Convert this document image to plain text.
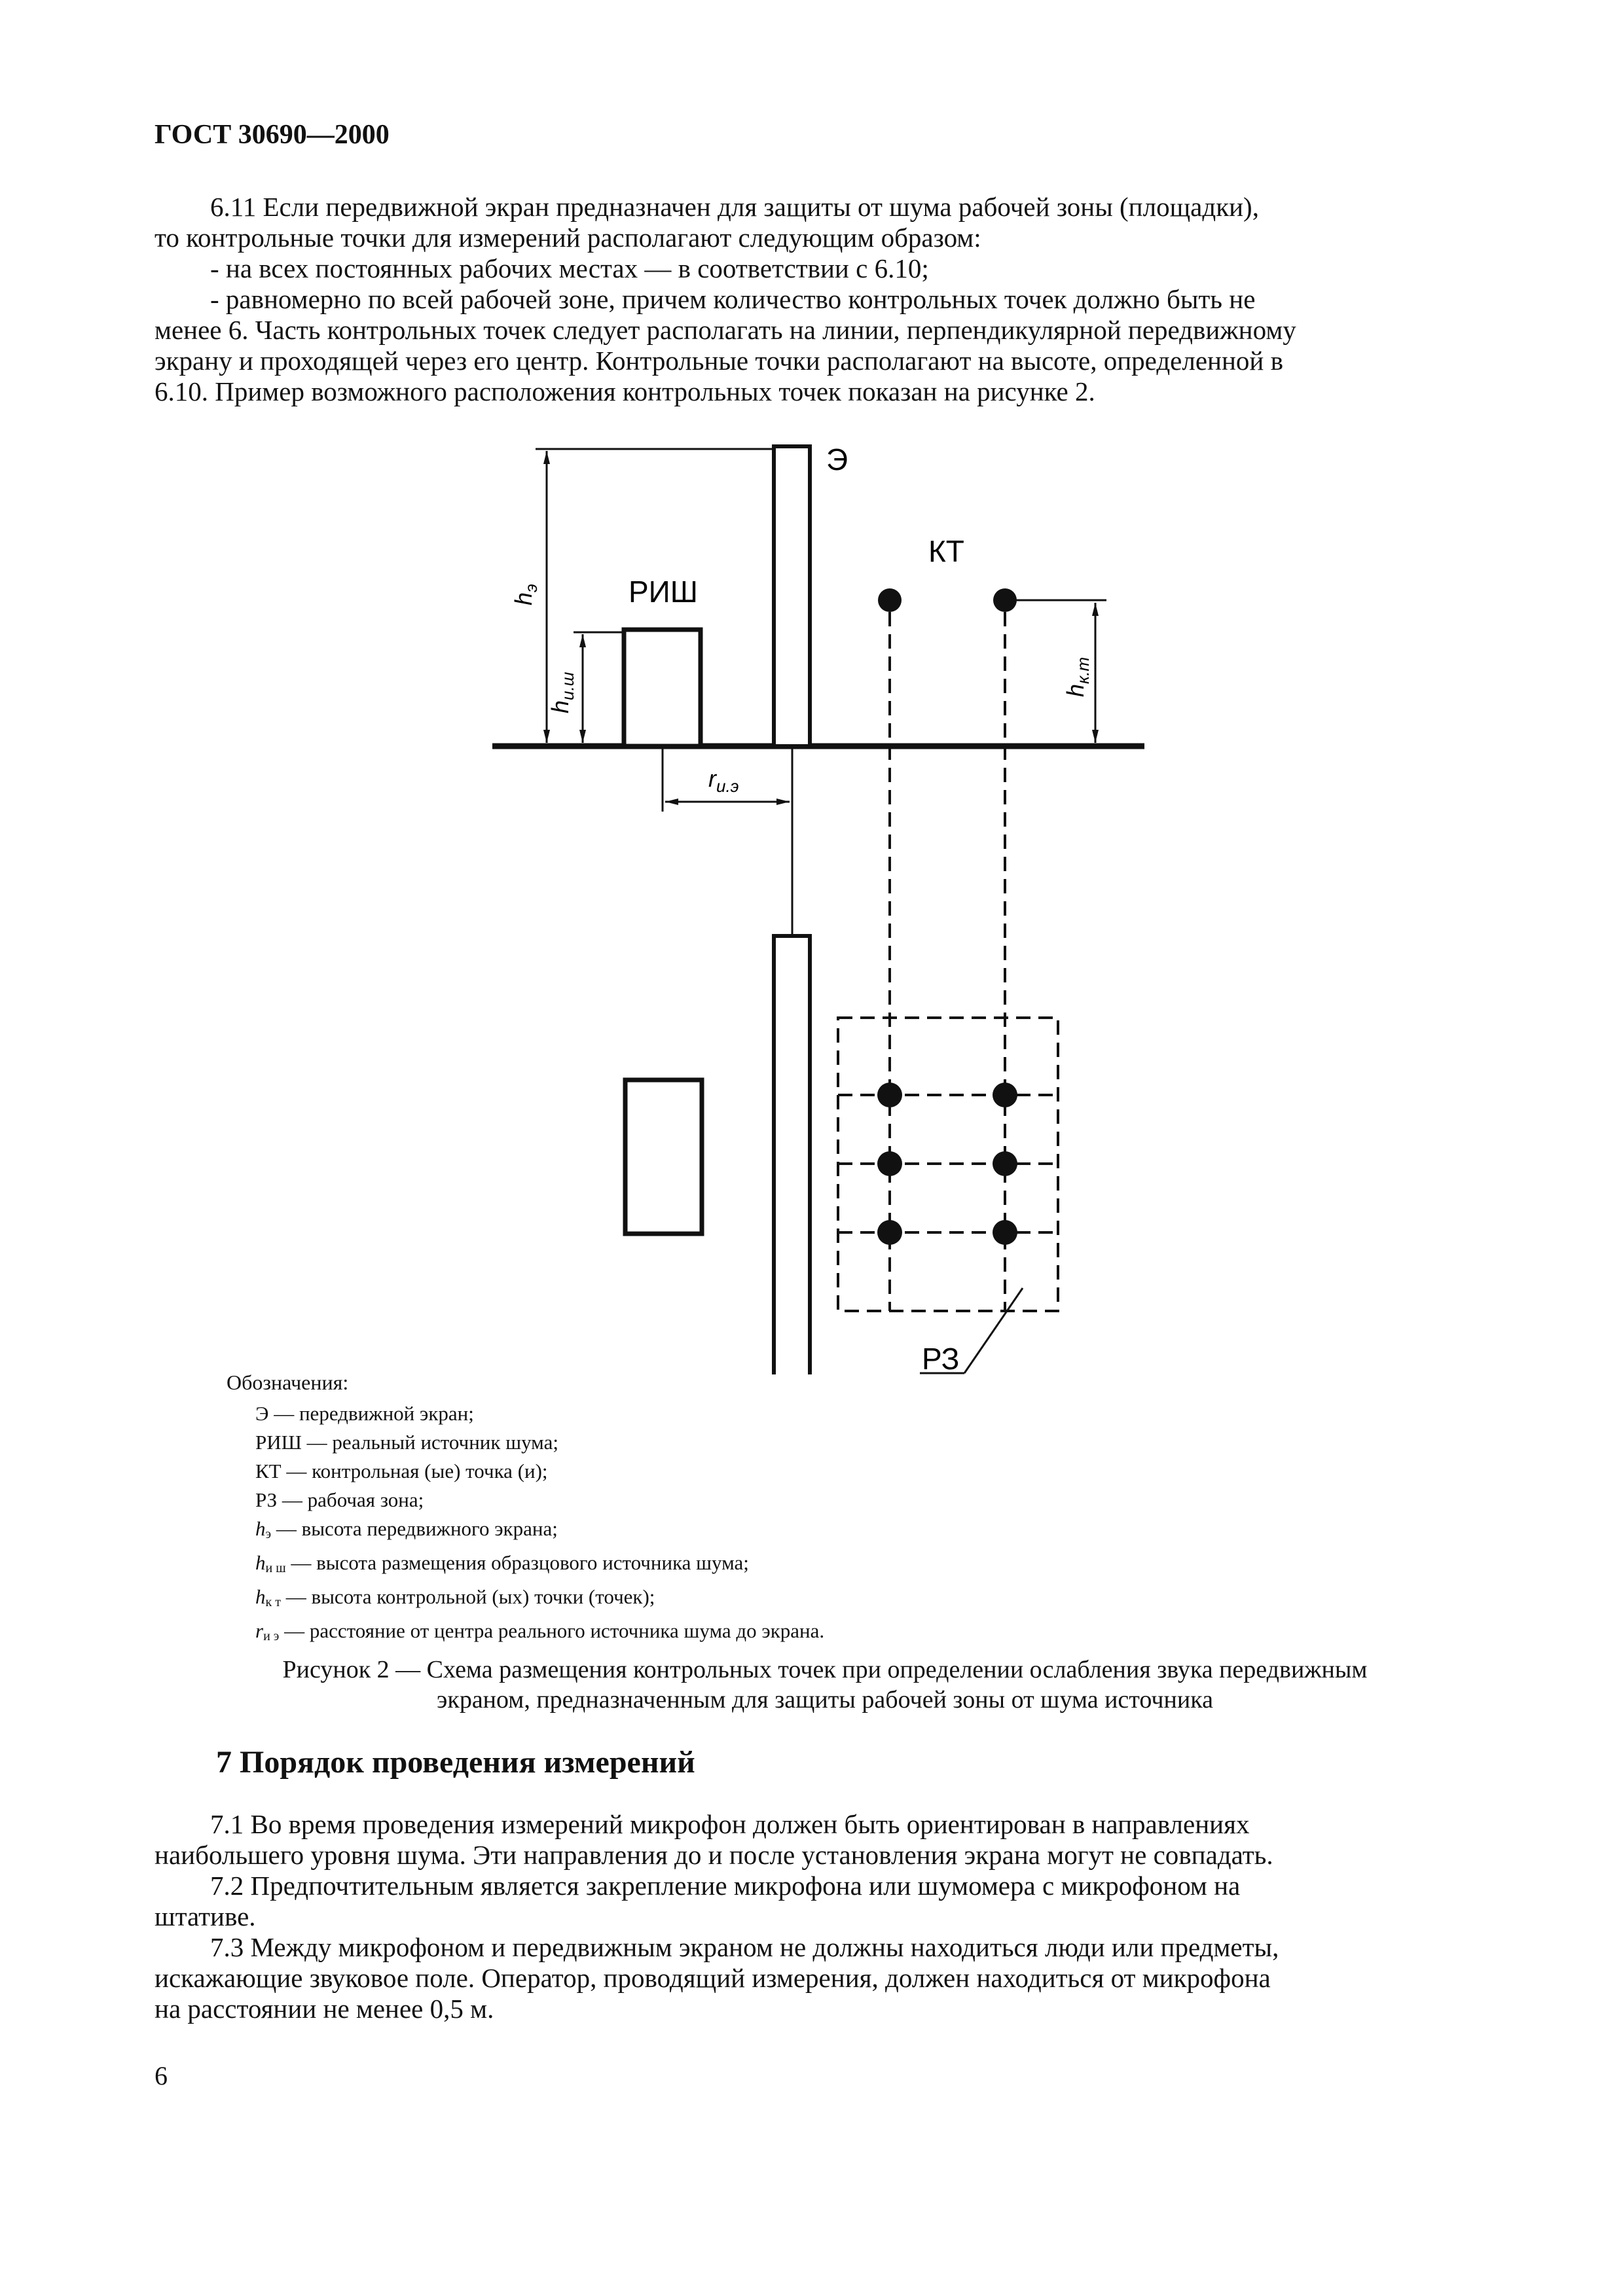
ГОСТ 30690—2000
6.11 Если передвижной экран предназначен для защиты от шума рабочей зоны (площадки),
то контрольные точки для измерений располагают следующим образом:
- на всех постоянных рабочих местах — в соответствии с 6.10;
- равномерно по всей рабочей зоне, причем количество контрольных точек должно быть не
менее 6. Часть контрольных точек следует располагать на линии, перпендикулярной передвижному
экрану и проходящей через его центр. Контрольные точки располагают на высоте, определенной в
6.10. Пример возможного расположения контрольных точек показан на рисунке 2.
Э
КТ
РИШ
РЗ
$h_э$
$h_{и.ш}$	$h_{к.т}$
$r_{и.э}$
Обозначения:
Э — передвижной экран;
РИШ — реальный источник шума;
КТ — контрольная (ые) точка (и);
РЗ — рабочая зона;
$h_э$ — высота передвижного экрана;
$h_{и ш}$ — высота размещения образцового источника шума;
$h_{к т}$ — высота контрольной (ых) точки (точек);
$r_{и э}$ — расстояние от центра реального источника шума до экрана.
Рисунок 2 — Схема размещения контрольных точек при определении ослабления звука передвижным
экраном, предназначенным для защиты рабочей зоны от шума источника
7 Порядок проведения измерений
7.1 Во время проведения измерений микрофон должен быть ориентирован в направлениях
наибольшего уровня шума. Эти направления до и после установления экрана могут не совпадать.
7.2 Предпочтительным является закрепление микрофона или шумомера с микрофоном на
штативе.
7.3 Между микрофоном и передвижным экраном не должны находиться люди или предметы,
искажающие звуковое поле. Оператор, проводящий измерения, должен находиться от микрофона
на расстоянии не менее 0,5 м.
6
